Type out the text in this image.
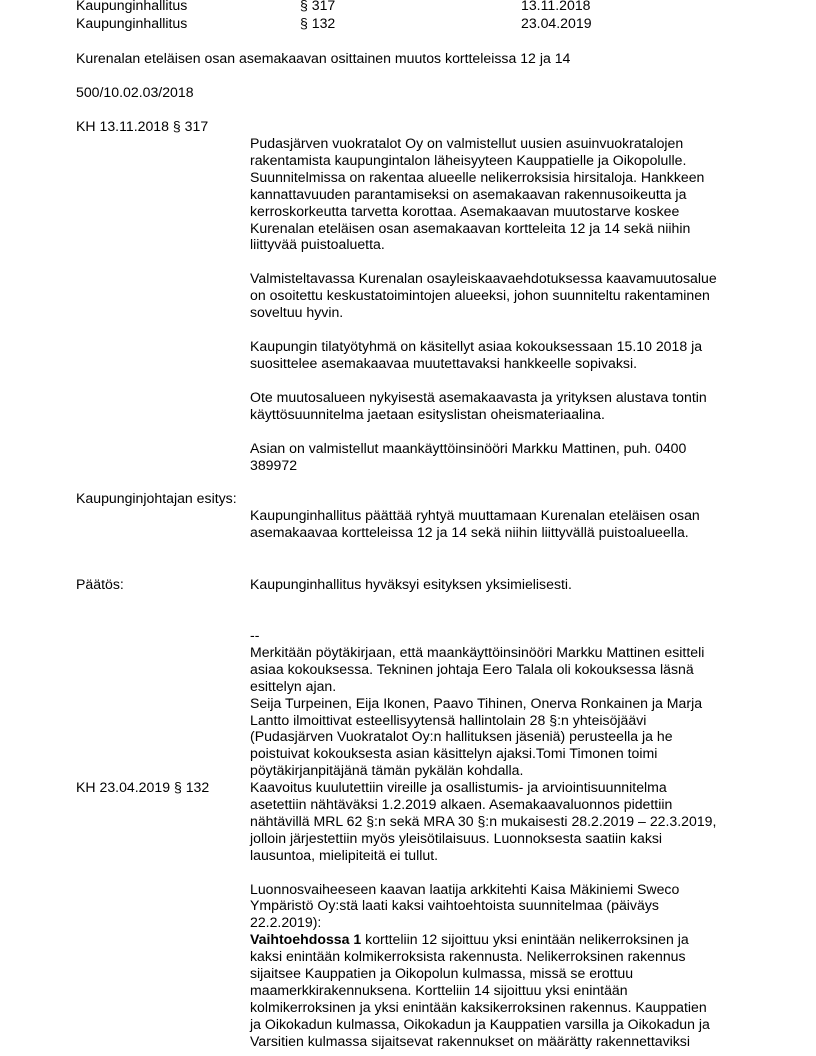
Kaupunginhallitus	§ 317	13.11.2018
Kaupunginhallitus	§ 132	23.04.2019
Kurenalan eteläisen osan asemakaavan osittainen muutos kortteleissa 12 ja 14
500/10.02.03/2018
KH 13.11.2018 § 317
Pudasjärven vuokratalot Oy on valmistellut uusien asuinvuokratalojen
rakentamista kaupungintalon läheisyyteen Kauppatielle ja Oikopolulle.
Suunnitelmissa on rakentaa alueelle nelikerroksisia hirsitaloja. Hankkeen
kannattavuuden parantamiseksi on asemakaavan rakennusoikeutta ja
kerroskorkeutta tarvetta korottaa. Asemakaavan muutostarve koskee
Kurenalan eteläisen osan asemakaavan kortteleita 12 ja 14 sekä niihin
liittyvää puistoaluetta.
Valmisteltavassa Kurenalan osayleiskaavaehdotuksessa kaavamuutosalue
on osoitettu keskustatoimintojen alueeksi, johon suunniteltu rakentaminen
soveltuu hyvin.
Kaupungin tilatyötyhmä on käsitellyt asiaa kokouksessaan 15.10 2018 ja
suosittelee asemakaavaa muutettavaksi hankkeelle sopivaksi.
Ote muutosalueen nykyisestä asemakaavasta ja yrityksen alustava tontin
käyttösuunnitelma jaetaan esityslistan oheismateriaalina.
Asian on valmistellut maankäyttöinsinööri Markku Mattinen, puh. 0400
389972
Kaupunginjohtajan esitys:
Kaupunginhallitus päättää ryhtyä muuttamaan Kurenalan eteläisen osan
asemakaavaa kortteleissa 12 ja 14 sekä niihin liittyvällä puistoalueella.
Päätös:	Kaupunginhallitus hyväksyi esityksen yksimielisesti.
--
Merkitään pöytäkirjaan, että maankäyttöinsinööri Markku Mattinen esitteli
asiaa kokouksessa. Tekninen johtaja Eero Talala oli kokouksessa läsnä
esittelyn ajan.
Seija Turpeinen, Eija Ikonen, Paavo Tihinen, Onerva Ronkainen ja Marja
Lantto ilmoittivat esteellisyytensä hallintolain 28 §:n yhteisöjäävi
(Pudasjärven Vuokratalot Oy:n hallituksen jäseniä) perusteella ja he
poistuivat kokouksesta asian käsittelyn ajaksi.Tomi Timonen toimi
pöytäkirjanpitäjänä tämän pykälän kohdalla.
KH 23.04.2019 § 132	Kaavoitus kuulutettiin vireille ja osallistumis- ja arviointisuunnitelma
asetettiin nähtäväksi 1.2.2019 alkaen. Asemakaavaluonnos pidettiin
nähtävillä MRL 62 §:n sekä MRA 30 §:n mukaisesti 28.2.2019 – 22.3.2019,
jolloin järjestettiin myös yleisötilaisuus. Luonnoksesta saatiin kaksi
lausuntoa, mielipiteitä ei tullut.
Luonnosvaiheeseen kaavan laatija arkkitehti Kaisa Mäkiniemi Sweco
Ympäristö Oy:stä laati kaksi vaihtoehtoista suunnitelmaa (päiväys
22.2.2019):
Vaihtoehdossa 1 kortteliin 12 sijoittuu yksi enintään nelikerroksinen ja
kaksi enintään kolmikerroksista rakennusta. Nelikerroksinen rakennus
sijaitsee Kauppatien ja Oikopolun kulmassa, missä se erottuu
maamerkkirakennuksena. Kortteliin 14 sijoittuu yksi enintään
kolmikerroksinen ja yksi enintään kaksikerroksinen rakennus. Kauppatien
ja Oikokadun kulmassa, Oikokadun ja Kauppatien varsilla ja Oikokadun ja
Varsitien kulmassa sijaitsevat rakennukset on määrätty rakennettaviksi
